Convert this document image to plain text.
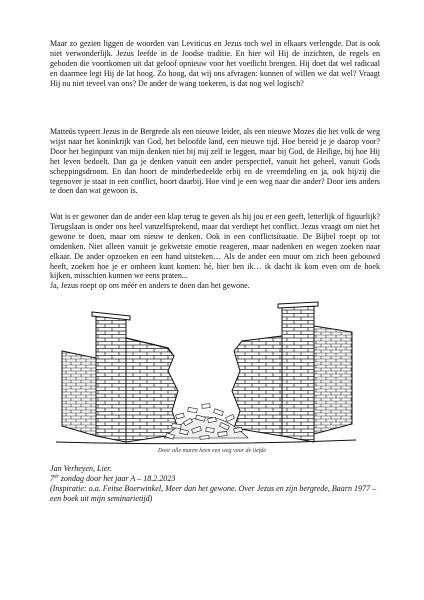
Maar zo gezien liggen de woorden van Leviticus en Jezus toch wel in elkaars verlengde. Dat is ook niet verwonderlijk. Jezus leefde in de Joodse traditie. En hier wil Hij de inzichten, de regels en geboden die voortkomen uit dat geloof opnieuw voor het voetlicht brengen. Hij doet dat wel radicaal en daarmee legt Hij de lat hoog. Zo hoog, dat wij ons afvragen: kunnen of willen we dat wel? Vraagt Hij nu niet teveel van ons? De ander de wang toekeren, is dat nog wel logisch?

Matteüs typeert Jezus in de Bergrede als een nieuwe leider, als een nieuwe Mozes die het volk de weg wijst naar het koninkrijk van God, het beloofde land, een nieuwe tijd. Hoe bereid je je daarop voor? Door het beginpunt van mijn denken niet bij mij zelf te leggen, maar bij God, de Heilige, bij hoe Hij het leven bedoelt. Dan ga je denken vanuit een ander perspectief, vanuit het geheel, vanuit Gods scheppingsdroom. En dan hoort de minderbedeelde erbij en de vreemdeling en ja, ook hij/zij die tegenover je staat in een conflict, hoort daarbij. Hoe vind je een weg naar die ander? Door iets anders te doen dan wat gewoon is.

Wat is er gewoner dan de ander een klap terug te geven als hij jou er een geeft, letterlijk of figuurlijk? Terugslaan is onder ons heel vanzelfsprekend, maar dat verdiept het conflict. Jezus vraagt om niet het gewone te doen, maar om nieuw te denken. Ook in een conflictsituatie. De Bijbel roept op tot omdenken. Niet alleen vanuit je gekwetste emotie reageren, maar nadenken en wegen zoeken naar elkaar. De ander opzoeken en een hand uitsteken… Als de ander een muur om zich heen gebouwd heeft, zoeken hoe je er omheen kunt komen: hé, hier ben ik… ik dacht ik kom even om de hoek kijken, misschien kunnen we eens praten...
Ja, Jezus roept op om méér en anders te doen dan het gewone.
Door alle muren heen een weg voor de liefde
Jan Verheyen, Lier.
7de zondag door het jaar A – 18.2.2023
(Inspiratie: o.a. Feitse Boerwinkel, Meer dan het gewone. Over Jezus en zijn bergrede, Baarn 1977 – een boek uit mijn seminarietijd)
